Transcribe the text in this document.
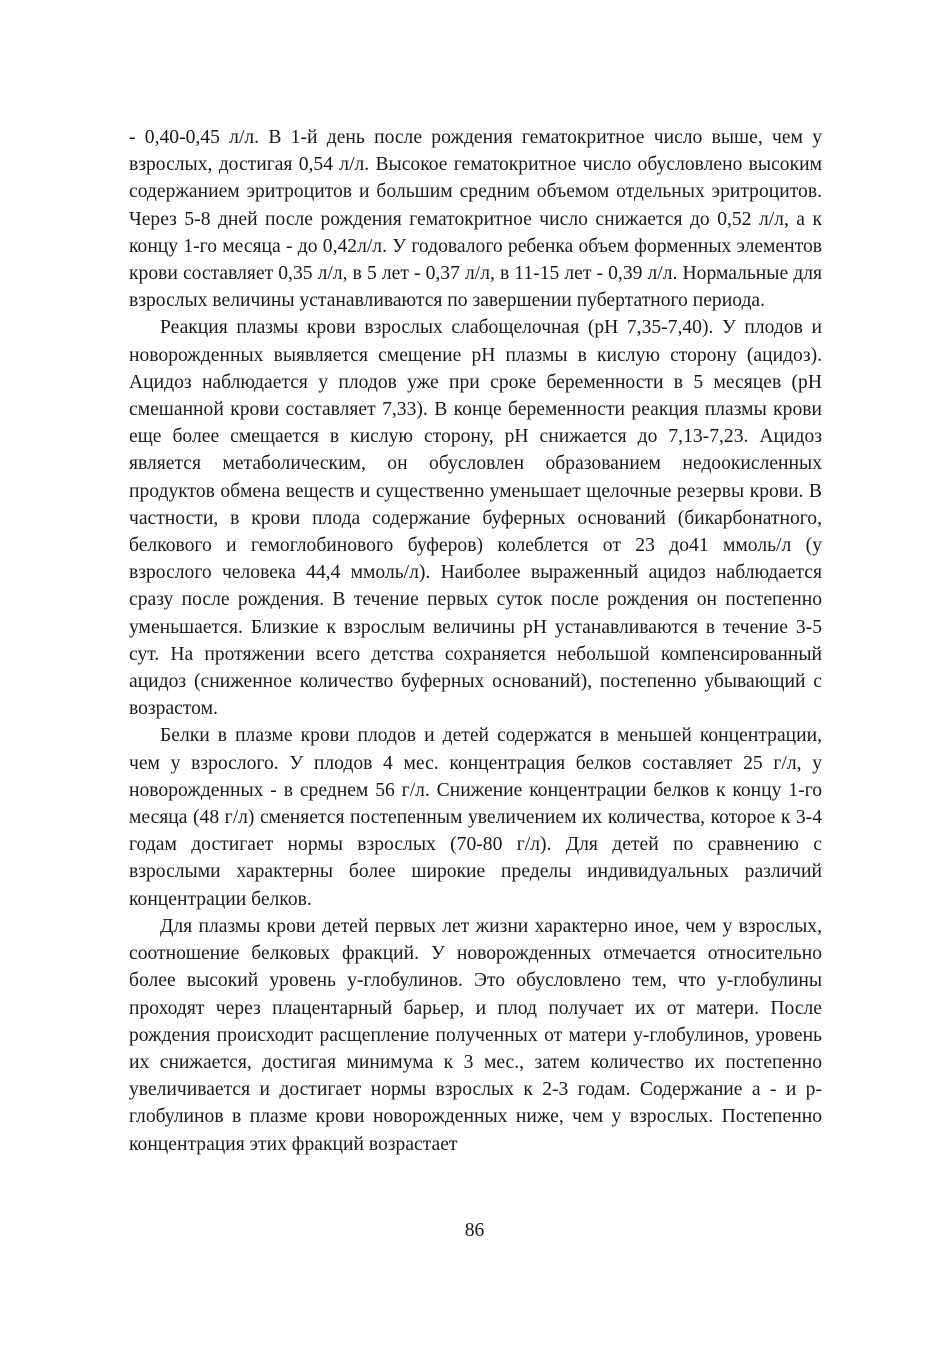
- 0,40-0,45 л/л. В 1-й день после рождения гематокритное число выше, чем у взрослых, достигая 0,54 л/л. Высокое гематокритное число обусловлено высоким содержанием эритроцитов и большим средним объемом отдельных эритроцитов. Через 5-8 дней после рождения гематокритное число снижается до 0,52 л/л, а к концу 1-го месяца - до 0,42л/л. У годовалого ребенка объем форменных элементов крови составляет 0,35 л/л, в 5 лет - 0,37 л/л, в 11-15 лет - 0,39 л/л. Нормальные для взрослых величины устанавливаются по завершении пубертатного периода.

Реакция плазмы крови взрослых слабощелочная (pH 7,35-7,40). У плодов и новорожденных выявляется смещение pH плазмы в кислую сторону (ацидоз). Ацидоз наблюдается у плодов уже при сроке беременности в 5 месяцев (pH смешанной крови составляет 7,33). В конце беременности реакция плазмы крови еще более смещается в кислую сторону, pH снижается до 7,13-7,23. Ацидоз является метаболическим, он обусловлен образованием недоокисленных продуктов обмена веществ и существенно уменьшает щелочные резервы крови. В частности, в крови плода содержание буферных оснований (бикарбонатного, белкового и гемоглобинового буферов) колеблется от 23 до41 ммоль/л (у взрослого человека 44,4 ммоль/л). Наиболее выраженный ацидоз наблюдается сразу после рождения. В течение первых суток после рождения он постепенно уменьшается. Близкие к взрослым величины pH устанавливаются в течение 3-5 сут. На протяжении всего детства сохраняется небольшой компенсированный ацидоз (сниженное количество буферных оснований), постепенно убывающий с возрастом.

Белки в плазме крови плодов и детей содержатся в меньшей концентрации, чем у взрослого. У плодов 4 мес. концентрация белков составляет 25 г/л, у новорожденных - в среднем 56 г/л. Снижение концентрации белков к концу 1-го месяца (48 г/л) сменяется постепенным увеличением их количества, которое к 3-4 годам достигает нормы взрослых (70-80 г/л). Для детей по сравнению с взрослыми характерны более широкие пределы индивидуальных различий концентрации белков.

Для плазмы крови детей первых лет жизни характерно иное, чем у взрослых, соотношение белковых фракций. У новорожденных отмечается относительно более высокий уровень у-глобулинов. Это обусловлено тем, что у-глобулины проходят через плацентарный барьер, и плод получает их от матери. После рождения происходит расщепление полученных от матери у-глобулинов, уровень их снижается, достигая минимума к 3 мес., затем количество их постепенно увеличивается и достигает нормы взрослых к 2-3 годам. Содержание а - и р-глобулинов в плазме крови новорожденных ниже, чем у взрослых. Постепенно концентрация этих фракций возрастает

86
